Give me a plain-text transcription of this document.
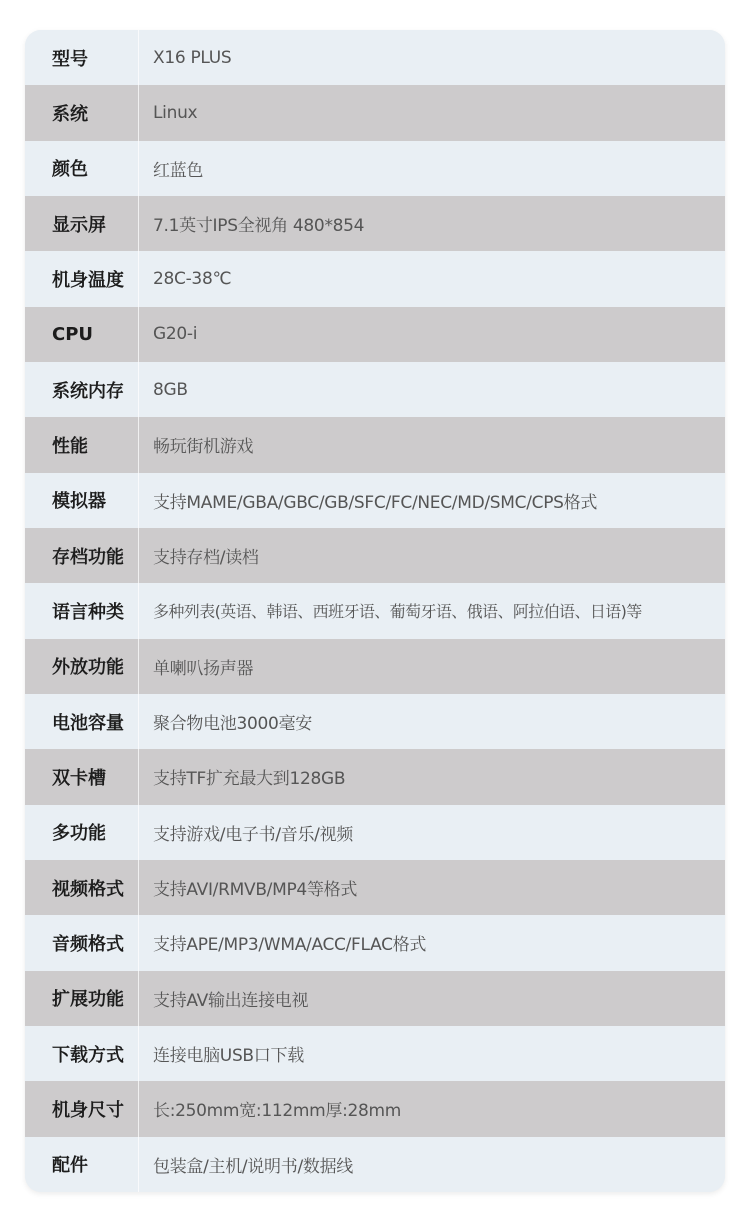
型号	X16 PLUS
系统	Linux
颜色	红蓝色
显示屏	7.1英寸IPS全视角 480*854
机身温度	28C-38℃
CPU	G20-i
系统内存	8GB
性能	畅玩街机游戏
模拟器	支持MAME/GBA/GBC/GB/SFC/FC/NEC/MD/SMC/CPS格式
存档功能	支持存档/读档
语言种类	多种列表(英语、韩语、西班牙语、葡萄牙语、俄语、阿拉伯语、日语)等
外放功能	单喇叭扬声器
电池容量	聚合物电池3000毫安
双卡槽	支持TF扩充最大到128GB
多功能	支持游戏/电子书/音乐/视频
视频格式	支持AVI/RMVB/MP4等格式
音频格式	支持APE/MP3/WMA/ACC/FLAC格式
扩展功能	支持AV输出连接电视
下载方式	连接电脑USB口下载
机身尺寸	长:250mm宽:112mm厚:28mm
配件	包装盒/主机/说明书/数据线
